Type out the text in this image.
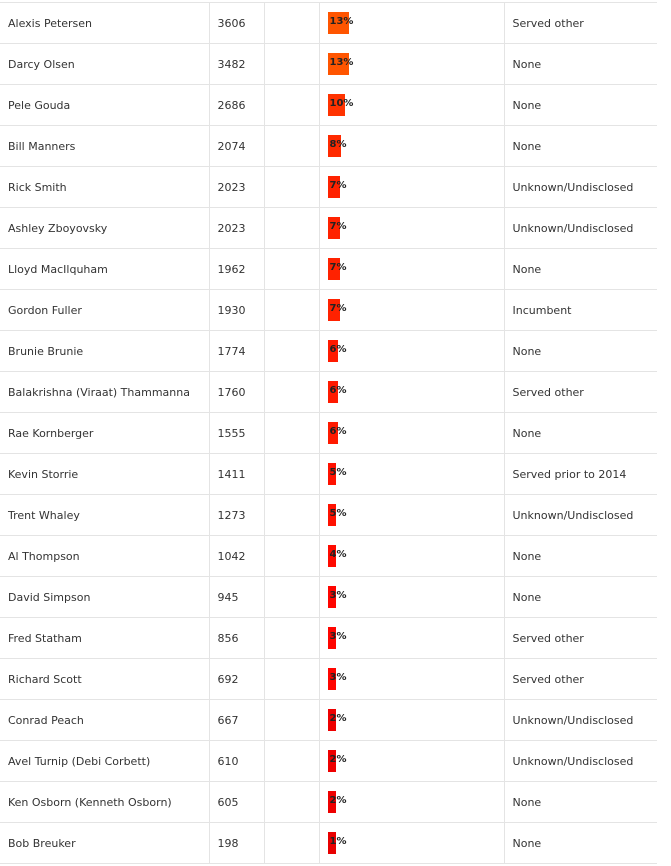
Alexis Petersen	3606		13%	Served other
Darcy Olsen	3482		13%	None
Pele Gouda	2686		10%	None
Bill Manners	2074		8%	None
Rick Smith	2023		7%	Unknown/Undisclosed
Ashley Zboyovsky	2023		7%	Unknown/Undisclosed
Lloyd MacIlquham	1962		7%	None
Gordon Fuller	1930		7%	Incumbent
Brunie Brunie	1774		6%	None
Balakrishna (Viraat) Thammanna	1760		6%	Served other
Rae Kornberger	1555		6%	None
Kevin Storrie	1411		5%	Served prior to 2014
Trent Whaley	1273		5%	Unknown/Undisclosed
Al Thompson	1042		4%	None
David Simpson	945		3%	None
Fred Statham	856		3%	Served other
Richard Scott	692		3%	Served other
Conrad Peach	667		2%	Unknown/Undisclosed
Avel Turnip (Debi Corbett)	610		2%	Unknown/Undisclosed
Ken Osborn (Kenneth Osborn)	605		2%	None
Bob Breuker	198		1%	None
